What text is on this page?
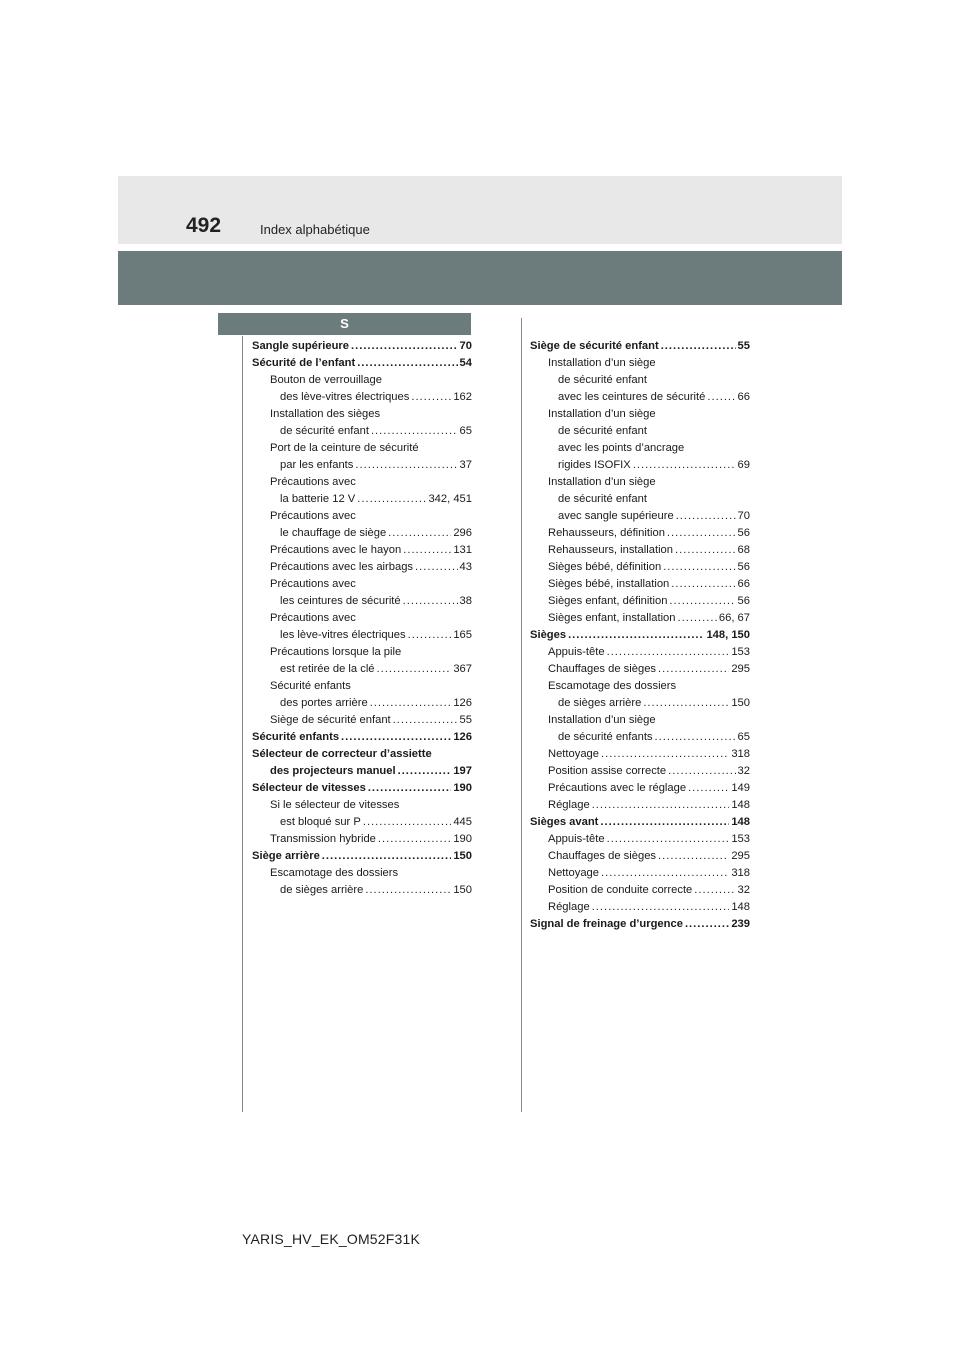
492	Index alphabétique
S
Sangle supérieure .....	70
Sécurité de l’enfant .....	54
Bouton de verrouillage
des lève-vitres électriques .....	162
Installation des sièges
de sécurité enfant .....	65
Port de la ceinture de sécurité
par les enfants .....	37
Précautions avec
la batterie 12 V .....	342, 451
Précautions avec
le chauffage de siège .....	296
Précautions avec le hayon .....	131
Précautions avec les airbags .....	43
Précautions avec
les ceintures de sécurité .....	38
Précautions avec
les lève-vitres électriques .....	165
Précautions lorsque la pile
est retirée de la clé .....	367
Sécurité enfants
des portes arrière .....	126
Siège de sécurité enfant .....	55
Sécurité enfants .....	126
Sélecteur de correcteur d’assiette
des projecteurs manuel .....	197
Sélecteur de vitesses .....	190
Si le sélecteur de vitesses
est bloqué sur P .....	445
Transmission hybride .....	190
Siège arrière .....	150
Escamotage des dossiers
de sièges arrière .....	150
Siège de sécurité enfant .....	55
Installation d’un siège
de sécurité enfant
avec les ceintures de sécurité .....	66
Installation d’un siège
de sécurité enfant
avec les points d’ancrage
rigides ISOFIX .....	69
Installation d’un siège
de sécurité enfant
avec sangle supérieure .....	70
Rehausseurs, définition .....	56
Rehausseurs, installation .....	68
Sièges bébé, définition .....	56
Sièges bébé, installation .....	66
Sièges enfant, définition .....	56
Sièges enfant, installation .....	66, 67
Sièges .....	148, 150
Appuis-tête .....	153
Chauffages de sièges .....	295
Escamotage des dossiers
de sièges arrière .....	150
Installation d’un siège
de sécurité enfants .....	65
Nettoyage .....	318
Position assise correcte .....	32
Précautions avec le réglage .....	149
Réglage .....	148
Sièges avant .....	148
Appuis-tête .....	153
Chauffages de sièges .....	295
Nettoyage .....	318
Position de conduite correcte .....	32
Réglage .....	148
Signal de freinage d’urgence .....	239
YARIS_HV_EK_OM52F31K
